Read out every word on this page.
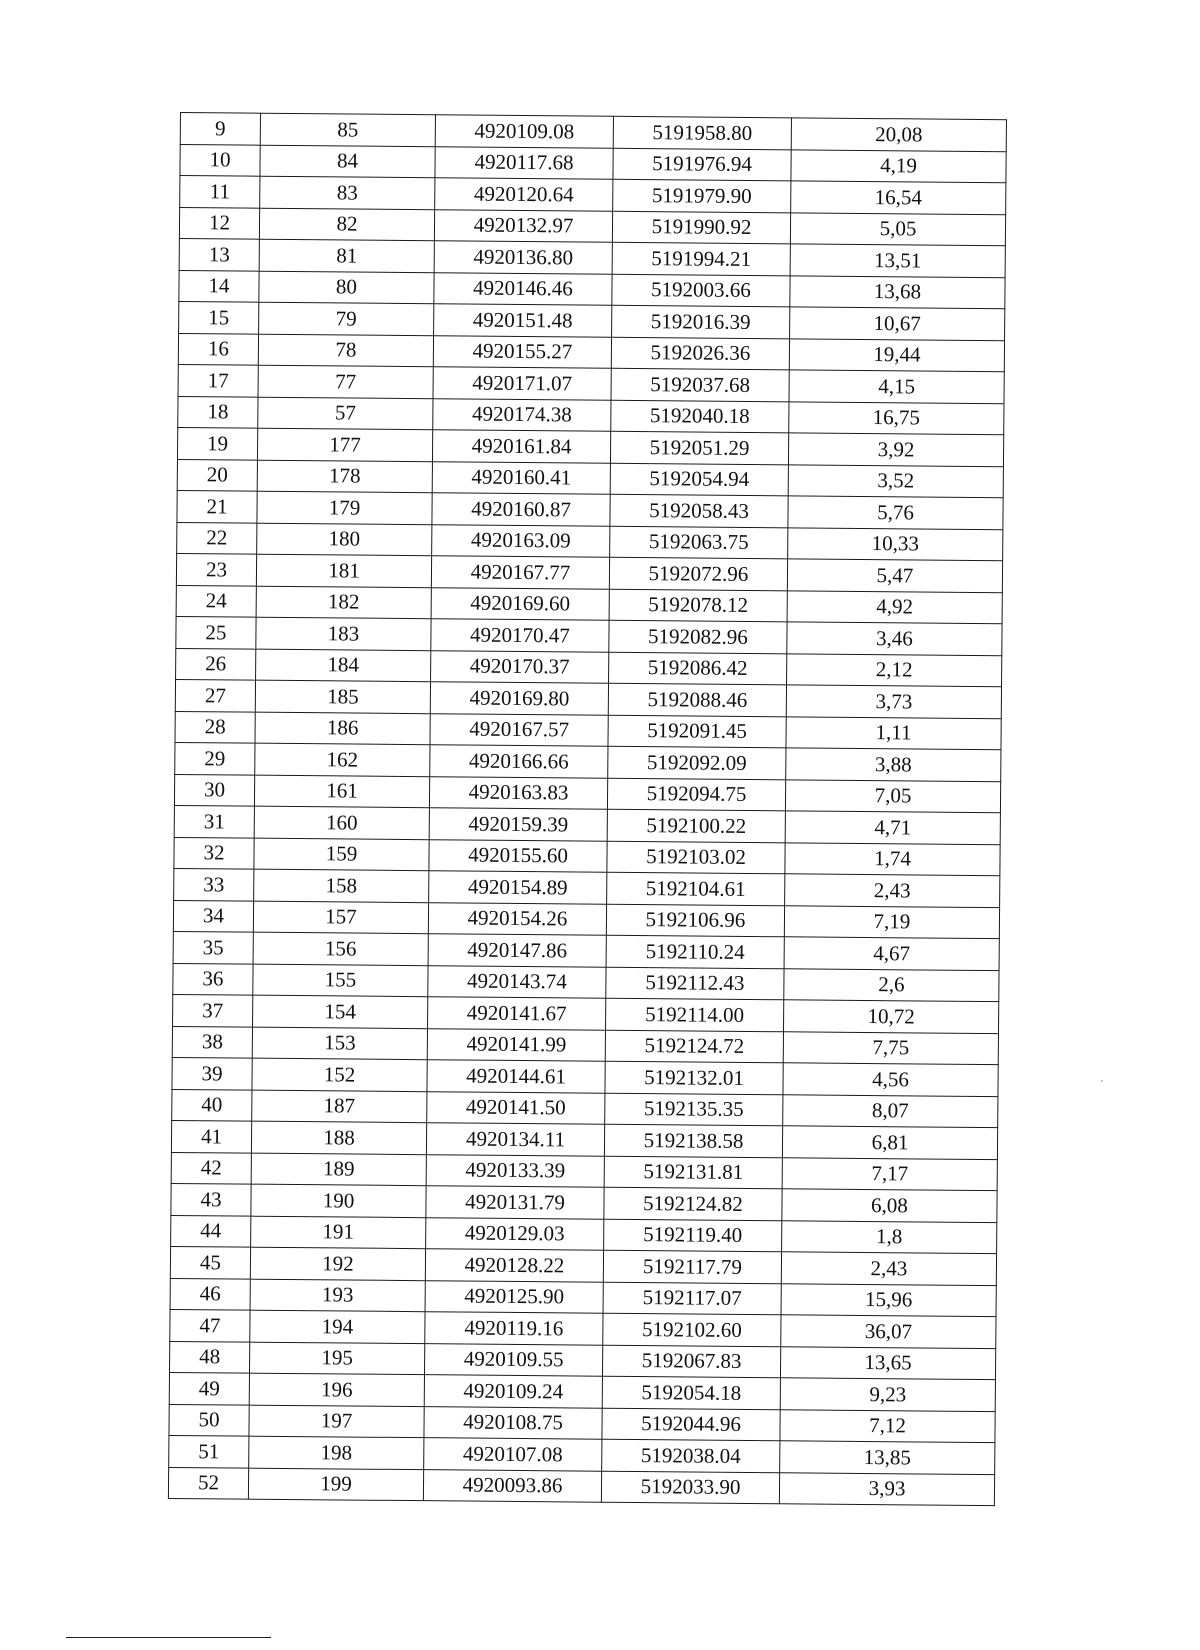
9	85	4920109.08	5191958.80	20,08
10	84	4920117.68	5191976.94	4,19
11	83	4920120.64	5191979.90	16,54
12	82	4920132.97	5191990.92	5,05
13	81	4920136.80	5191994.21	13,51
14	80	4920146.46	5192003.66	13,68
15	79	4920151.48	5192016.39	10,67
16	78	4920155.27	5192026.36	19,44
17	77	4920171.07	5192037.68	4,15
18	57	4920174.38	5192040.18	16,75
19	177	4920161.84	5192051.29	3,92
20	178	4920160.41	5192054.94	3,52
21	179	4920160.87	5192058.43	5,76
22	180	4920163.09	5192063.75	10,33
23	181	4920167.77	5192072.96	5,47
24	182	4920169.60	5192078.12	4,92
25	183	4920170.47	5192082.96	3,46
26	184	4920170.37	5192086.42	2,12
27	185	4920169.80	5192088.46	3,73
28	186	4920167.57	5192091.45	1,11
29	162	4920166.66	5192092.09	3,88
30	161	4920163.83	5192094.75	7,05
31	160	4920159.39	5192100.22	4,71
32	159	4920155.60	5192103.02	1,74
33	158	4920154.89	5192104.61	2,43
34	157	4920154.26	5192106.96	7,19
35	156	4920147.86	5192110.24	4,67
36	155	4920143.74	5192112.43	2,6
37	154	4920141.67	5192114.00	10,72
38	153	4920141.99	5192124.72	7,75
39	152	4920144.61	5192132.01	4,56
40	187	4920141.50	5192135.35	8,07
41	188	4920134.11	5192138.58	6,81
42	189	4920133.39	5192131.81	7,17
43	190	4920131.79	5192124.82	6,08
44	191	4920129.03	5192119.40	1,8
45	192	4920128.22	5192117.79	2,43
46	193	4920125.90	5192117.07	15,96
47	194	4920119.16	5192102.60	36,07
48	195	4920109.55	5192067.83	13,65
49	196	4920109.24	5192054.18	9,23
50	197	4920108.75	5192044.96	7,12
51	198	4920107.08	5192038.04	13,85
52	199	4920093.86	5192033.90	3,93
